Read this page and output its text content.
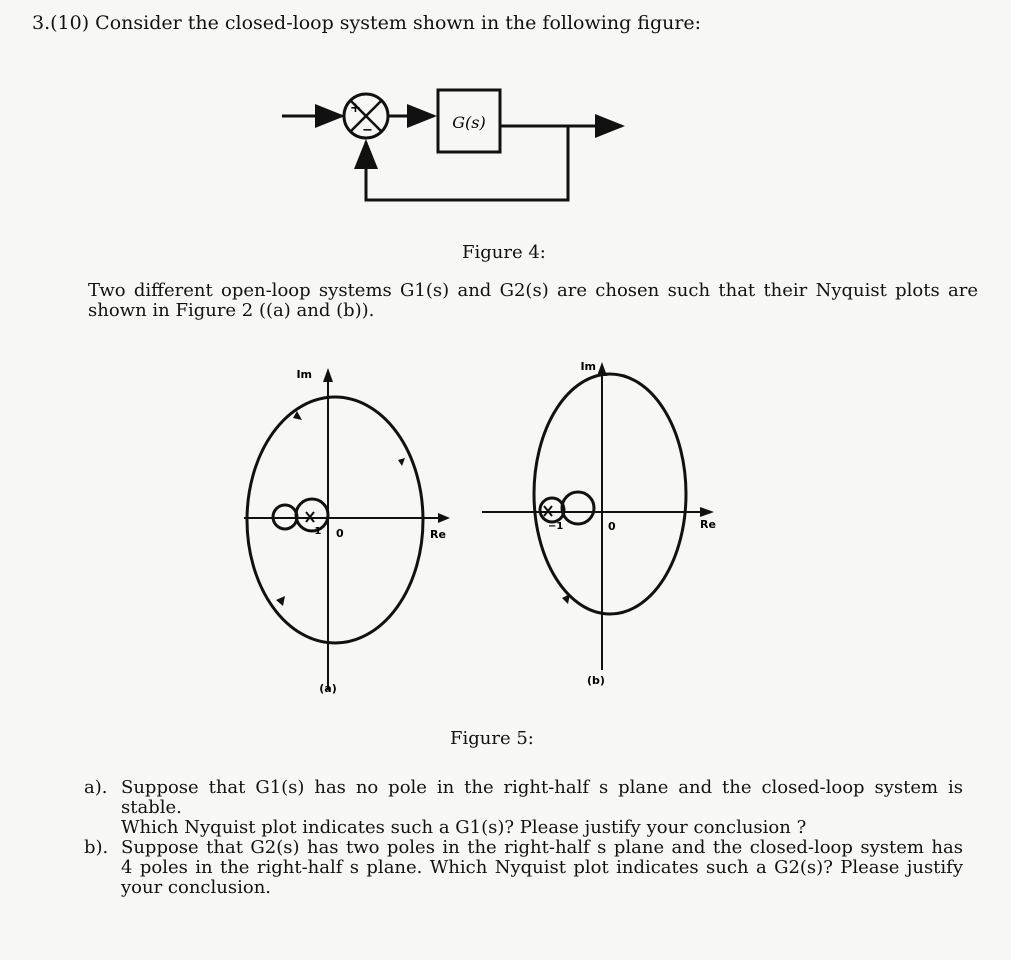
3.(10) Consider the closed-loop system shown in the following figure:
+
−	G(s)
Figure 4:
Two different open-loop systems G1(s) and G2(s) are chosen such that their Nyquist plots are
shown in Figure 2 ((a) and (b)).
Im
Re
0
−1
(a)
Im
Re
0
−1
(b)
Figure 5:
a). Suppose that G1(s) has no pole in the right-half s plane and the closed-loop system is stable.
Which Nyquist plot indicates such a G1(s)? Please justify your conclusion ?
b). Suppose that G2(s) has two poles in the right-half s plane and the closed-loop system has
4 poles in the right-half s plane. Which Nyquist plot indicates such a G2(s)? Please justify
your conclusion.
